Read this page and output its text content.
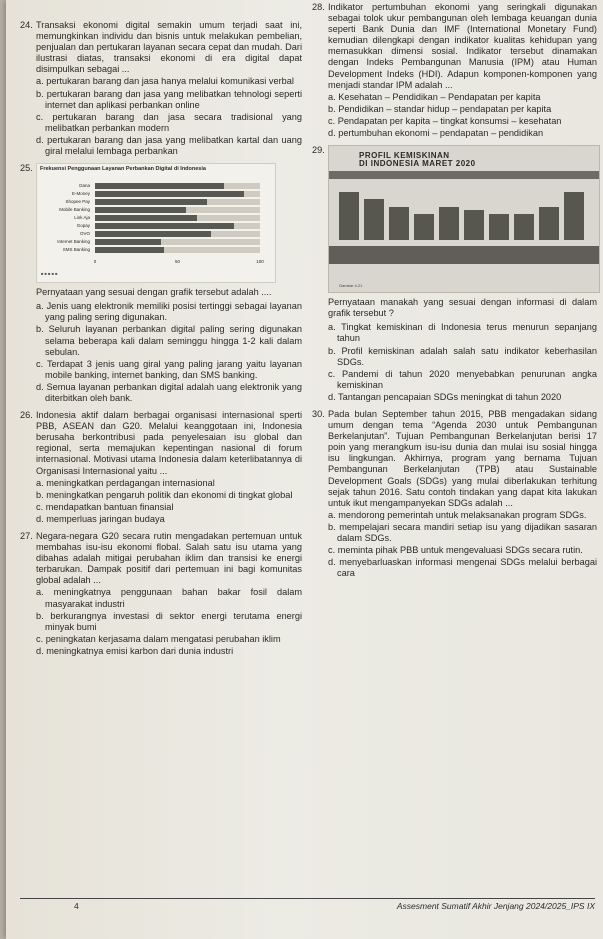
24. Transaksi ekonomi digital semakin umum terjadi saat ini, memungkinkan individu dan bisnis untuk melakukan pembelian, penjualan dan pertukaran layanan secara cepat dan mudah. Dari ilustrasi diatas, transaksi ekonomi di era digital dapat disimpulkan sebagai ...
a. pertukaran barang dan jasa hanya melalui komunikasi verbal
b. pertukaran barang dan jasa yang melibatkan tehnologi seperti internet dan aplikasi perbankan online
c. pertukaran barang dan jasa secara tradisional yang melibatkan perbankan modern
d. pertukaran barang dan jasa yang melibatkan kartal dan uang giral melalui lembaga perbankan
25. Frekuensi Penggunaan Layanan Perbankan Digital di Indonesia
0	50	100
■ ■ ■ ■ ■
Dana
E-Money
Shopee Pay
Mobile Banking
Link Aja
Gopay
OVO
Internet Banking
SMS Banking
Pernyataan yang sesuai dengan grafik tersebut adalah ....
a. Jenis uang elektronik memiliki posisi tertinggi sebagai layanan yang paling sering digunakan.
b. Seluruh layanan perbankan digital paling sering digunakan selama beberapa kali dalam seminggu hingga 1-2 kali dalam sebulan.
c. Terdapat 3 jenis uang giral yang paling jarang yaitu layanan mobile banking, internet banking, dan SMS banking.
d. Semua layanan perbankan digital adalah uang elektronik yang diterbitkan oleh bank.
26. Indonesia aktif dalam berbagai organisasi internasional sperti PBB, ASEAN dan G20. Melalui keanggotaan ini, Indonesia berusaha berkontribusi pada penyelesaian isu global dan regional, serta memajukan kepentingan nasional di forum internasional. Motivasi utama Indonesia dalam keterlibatannya di Organisasi Internasional yaitu ...
a. meningkatkan perdagangan internasional
b. meningkatkan pengaruh politik dan ekonomi di tingkat global
c. mendapatkan bantuan finansial
d. memperluas jaringan budaya
27. Negara-negara G20 secara rutin mengadakan pertemuan untuk membahas isu-isu ekonomi flobal. Salah satu isu utama yang dibahas adalah mitigai perubahan iklim dan transisi ke energi terbarukan. Dampak positif dari pertemuan ini bagi komunitas global adalah ...
a. meningkatnya penggunaan bahan bakar fosil dalam masyarakat industri
b. berkurangnya investasi di sektor energi terutama energi minyak bumi
c. peningkatan kerjasama dalam mengatasi perubahan iklim
d. meningkatnya emisi karbon dari dunia industri
28. Indikator pertumbuhan ekonomi yang seringkali digunakan sebagai tolok ukur pembangunan oleh lembaga keuangan dunia seperti Bank Dunia dan IMF (International Monetary Fund) kemudian dilengkapi dengan indikator kualitas kehidupan yang memasukkan dimensi sosial. Indikator tersebut dinamakan dengan Indeks Pembangunan Manusia (IPM) atau Human Development Indeks (HDI). Adapun komponen-komponen yang menjadi standar IPM adalah ...
a. Kesehatan – Pendidikan – Pendapatan per kapita
b. Pendidikan – standar hidup – pendapatan per kapita
c. Pendapatan per kapita – tingkat konsumsi – kesehatan
d. pertumbuhan ekonomi – pendapatan – pendidikan
29.
PROFIL KEMISKINAN
DI INDONESIA MARET 2020
Gambar 4.21
Pernyataan manakah yang sesuai dengan informasi di dalam grafik tersebut ?
a. Tingkat kemiskinan di Indonesia terus menurun sepanjang tahun
b. Profil kemiskinan adalah salah satu indikator keberhasilan SDGs.
c. Pandemi di tahun 2020 menyebabkan penurunan angka kemiskinan
d. Tantangan pencapaian SDGs meningkat di tahun 2020
30. Pada bulan September tahun 2015, PBB mengadakan sidang umum dengan tema “Agenda 2030 untuk Pembangunan Berkelanjutan”. Tujuan Pembangunan Berkelanjutan berisi 17 poin yang merangkum isu-isu dunia dan mulai isu sosial hingga isu lingkungan. Akhirnya, program yang bernama Tujuan Pembangunan Berkelanjutan (TPB) atau Sustainable Development Goals (SDGs) yang mulai diberlakukan terhitung sejak tahun 2016. Satu contoh tindakan yang dapat kita lakukan untuk ikut mengampanyekan SDGs adalah ...
a. mendorong pemerintah untuk melaksanakan program SDGs.
b. mempelajari secara mandiri setiap isu yang dijadikan sasaran dalam SDGs.
c. meminta pihak PBB untuk mengevaluasi SDGs secara rutin.
d. menyebarluaskan informasi mengenai SDGs melalui berbagai cara
4	Assesment Sumatif Akhir Jenjang 2024/2025_IPS IX
